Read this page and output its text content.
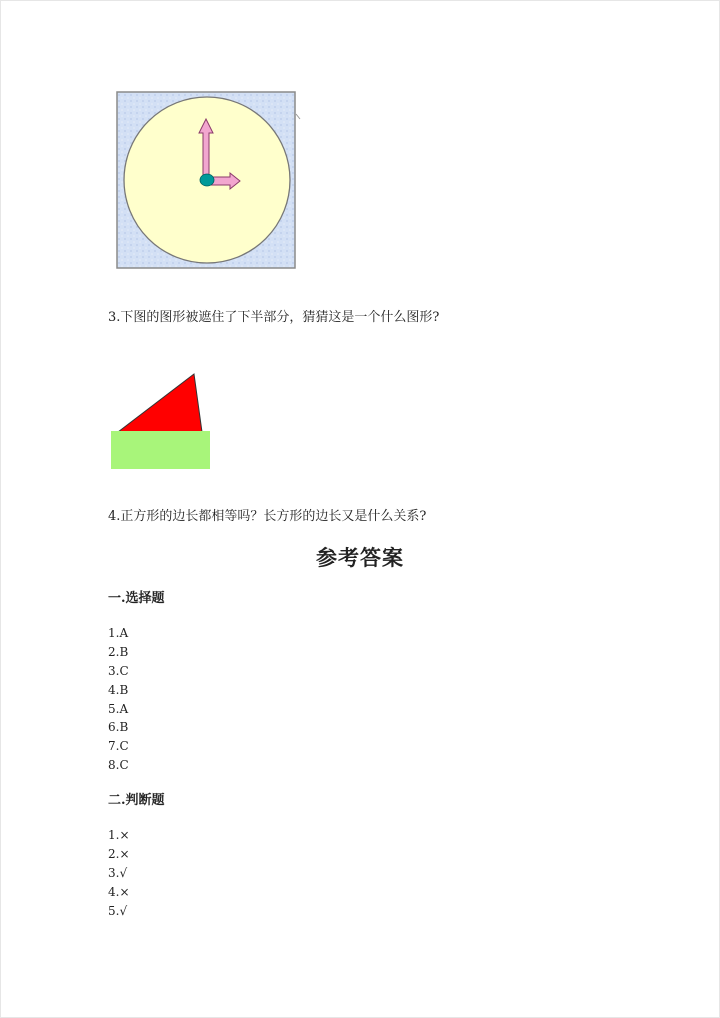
3.下图的图形被遮住了下半部分，猜猜这是一个什么图形?
4.正方形的边长都相等吗？长方形的边长又是什么关系?
参考答案
一.选择题
1.A
2.B
3.C
4.B
5.A
6.B
7.C
8.C
二.判断题
1.×
2.×
3.√
4.×
5.√
